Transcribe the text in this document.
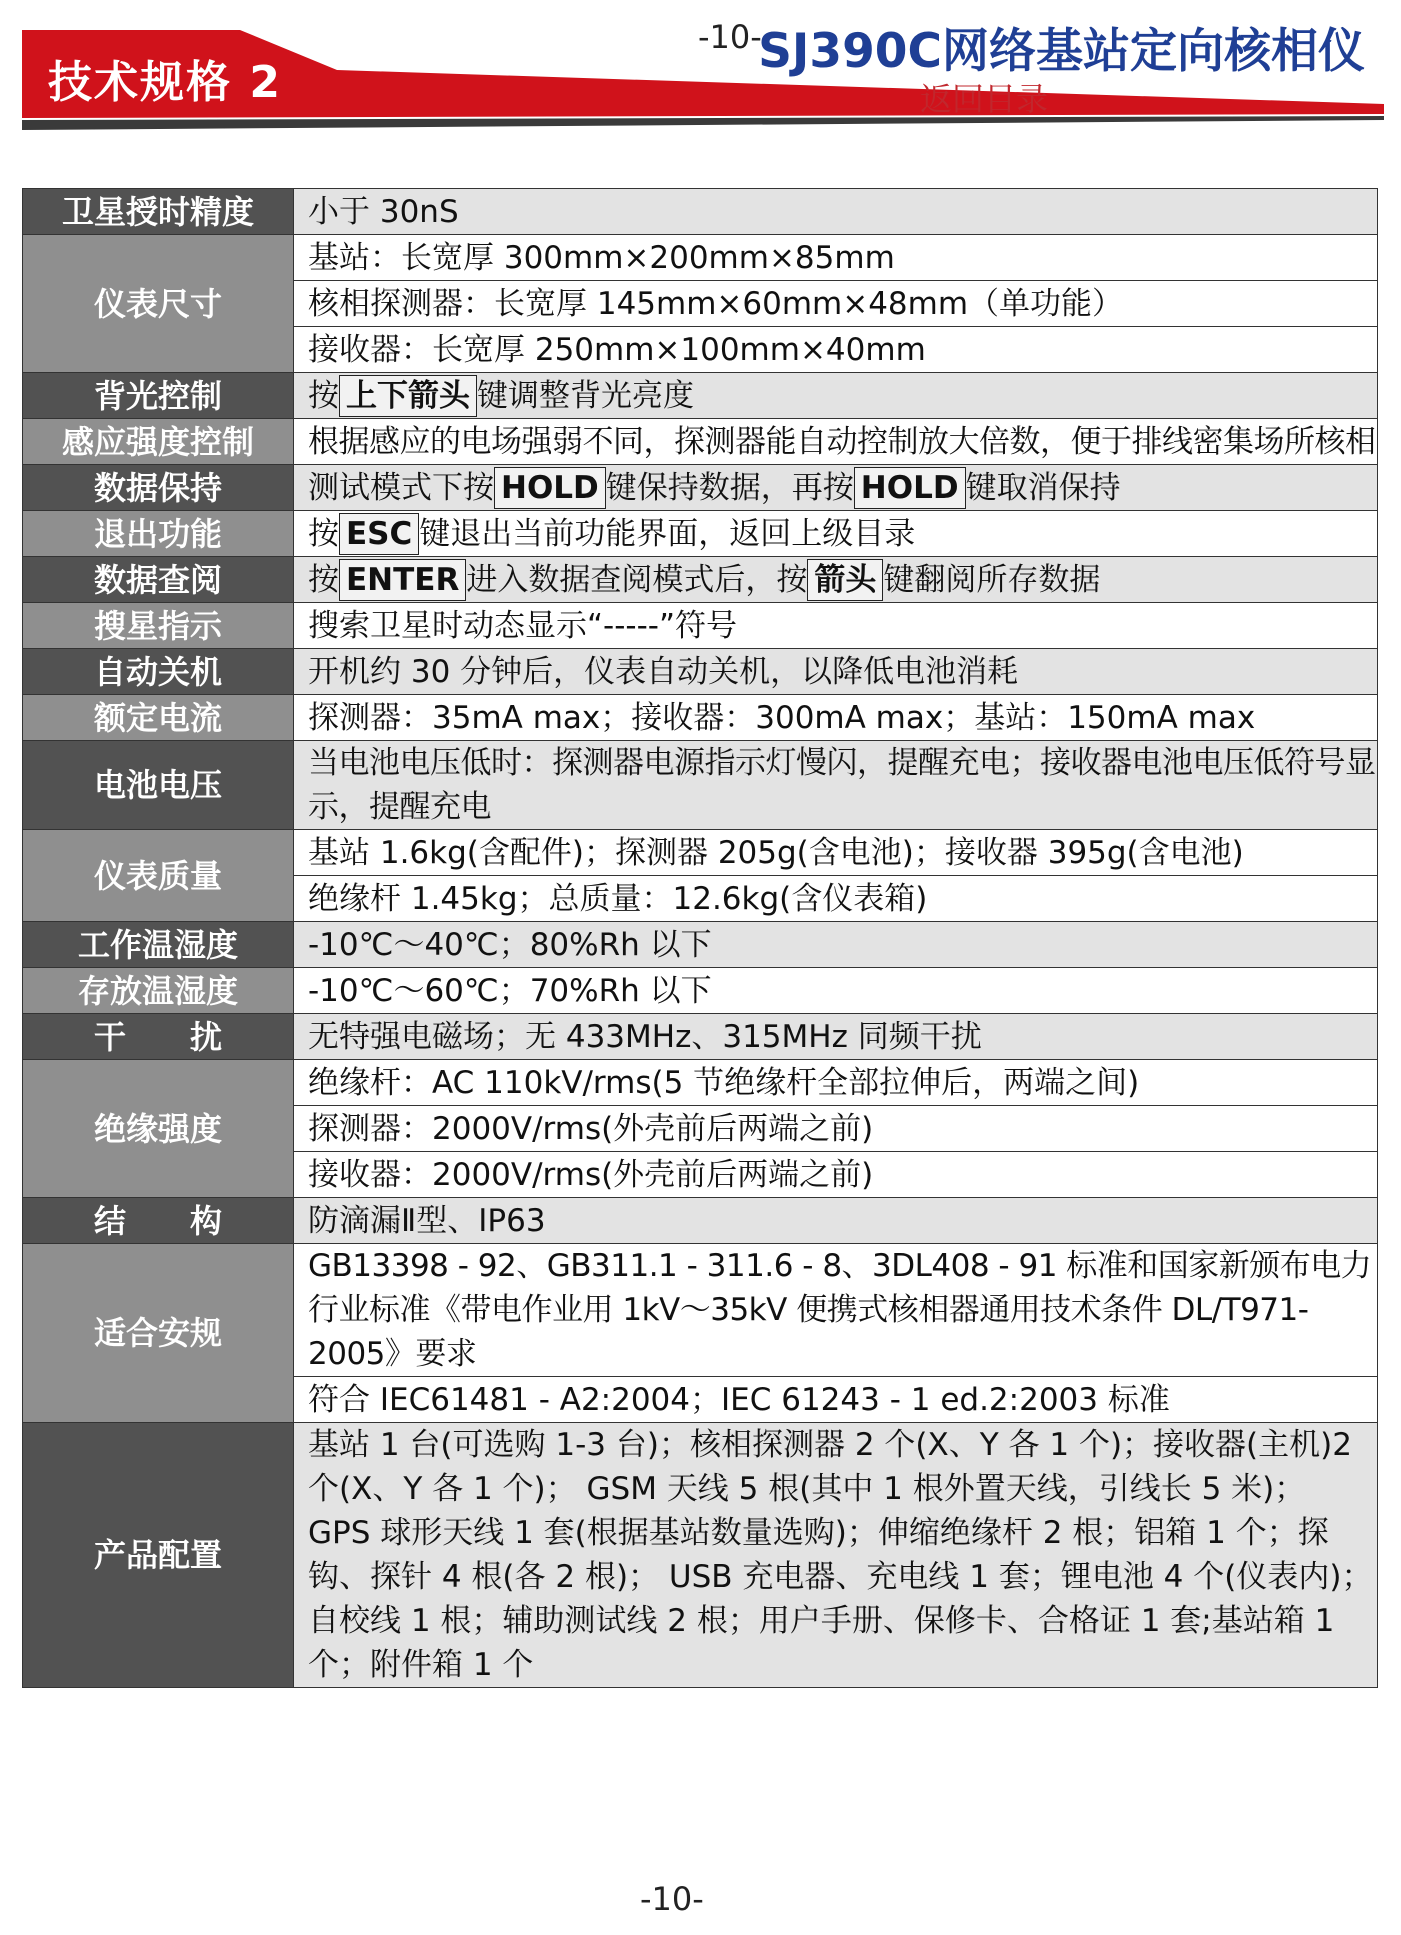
技术规格 2
-10-
SJ390C网络基站定向核相仪
返回目录
卫星授时精度	小于 30nS
仪表尺寸	基站：长宽厚 300mm×200mm×85mm
	核相探测器：长宽厚 145mm×60mm×48mm（单功能）
	接收器：长宽厚 250mm×100mm×40mm
背光控制	按 上下箭头 键调整背光亮度
感应强度控制	根据感应的电场强弱不同，探测器能自动控制放大倍数，便于排线密集场所核相
数据保持	测试模式下按 HOLD 键保持数据，再按 HOLD 键取消保持
退出功能	按 ESC 键退出当前功能界面，返回上级目录
数据查阅	按 ENTER 进入数据查阅模式后，按 箭头 键翻阅所存数据
搜星指示	搜索卫星时动态显示“-----”符号
自动关机	开机约 30 分钟后，仪表自动关机，以降低电池消耗
额定电流	探测器：35mA max；接收器：300mA max；基站：150mA max
电池电压	当电池电压低时：探测器电源指示灯慢闪，提醒充电；接收器电池电压低符号显示，提醒充电
仪表质量	基站 1.6kg(含配件)；探测器 205g(含电池)；接收器 395g(含电池)
	绝缘杆 1.45kg；总质量：12.6kg(含仪表箱)
工作温湿度	-10℃～40℃；80%Rh 以下
存放温湿度	-10℃～60℃；70%Rh 以下
干　　扰	无特强电磁场；无 433MHz、315MHz 同频干扰
绝缘强度	绝缘杆：AC 110kV/rms(5 节绝缘杆全部拉伸后，两端之间)
	探测器：2000V/rms(外壳前后两端之前)
	接收器：2000V/rms(外壳前后两端之前)
结　　构	防滴漏Ⅱ型、IP63
适合安规	GB13398 - 92、GB311.1 - 311.6 - 8、3DL408 - 91 标准和国家新颁布电力行业标准《带电作业用 1kV～35kV 便携式核相器通用技术条件 DL/T971-2005》要求
	符合 IEC61481 - A2:2004；IEC 61243 - 1 ed.2:2003 标准
产品配置	基站 1 台(可选购 1-3 台)；核相探测器 2 个(X、Y 各 1 个)；接收器(主机)2 个(X、Y 各 1 个)； GSM 天线 5 根(其中 1 根外置天线，引线长 5 米)； GPS 球形天线 1 套(根据基站数量选购)；伸缩绝缘杆 2 根；铝箱 1 个；探钩、探针 4 根(各 2 根)； USB 充电器、充电线 1 套；锂电池 4 个(仪表内)；自校线 1 根；辅助测试线 2 根；用户手册、保修卡、合格证 1 套;基站箱 1 个；附件箱 1 个
-10-
